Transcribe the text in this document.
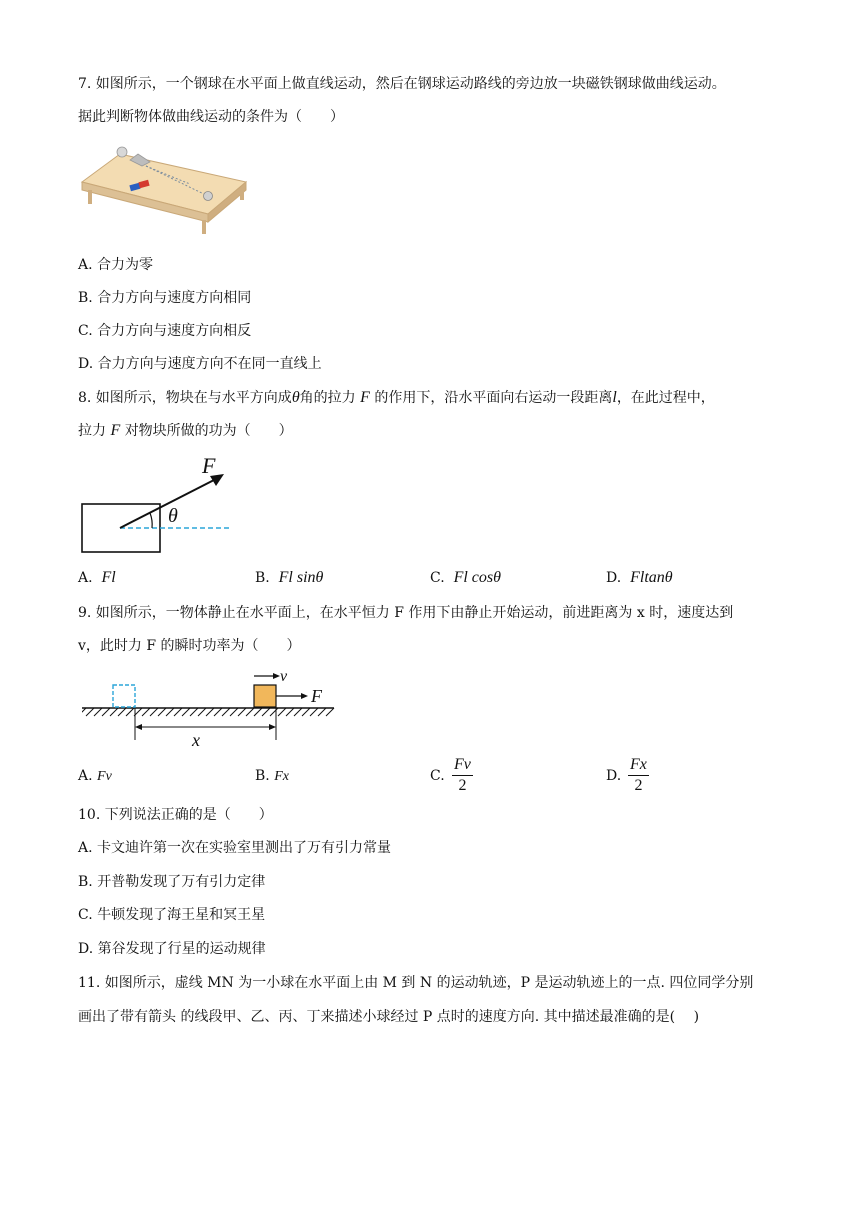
7. 如图所示，一个钢球在水平面上做直线运动，然后在钢球运动路线的旁边放一块磁铁钢球做曲线运动。
据此判断物体做曲线运动的条件为（　　）
A. 合力为零
B. 合力方向与速度方向相同
C. 合力方向与速度方向相反
D. 合力方向与速度方向不在同一直线上
8. 如图所示，物块在与水平方向成θ角的拉力 F 的作用下，沿水平面向右运动一段距离l，在此过程中，
拉力 F 对物块所做的功为（　　）
θ
F
A. Fl	B. Fl sinθ	C. Fl cosθ	D. Fltanθ
9. 如图所示，一物体静止在水平面上，在水平恒力 F 作用下由静止开始运动，前进距离为 x 时，速度达到
v，此时力 F 的瞬时功率为（　　）
v
F
x
A. Fv	B. Fx	C. $\frac{Fv}{2}$	D. $\frac{Fx}{2}$
10. 下列说法正确的是（　　）
A. 卡文迪许第一次在实验室里测出了万有引力常量
B. 开普勒发现了万有引力定律
C. 牛顿发现了海王星和冥王星
D. 第谷发现了行星的运动规律
11. 如图所示，虚线 MN 为一小球在水平面上由 M 到 N 的运动轨迹，P 是运动轨迹上的一点. 四位同学分别
画出了带有箭头 的线段甲、乙、丙、丁来描述小球经过 P 点时的速度方向. 其中描述最准确的是(　 )
